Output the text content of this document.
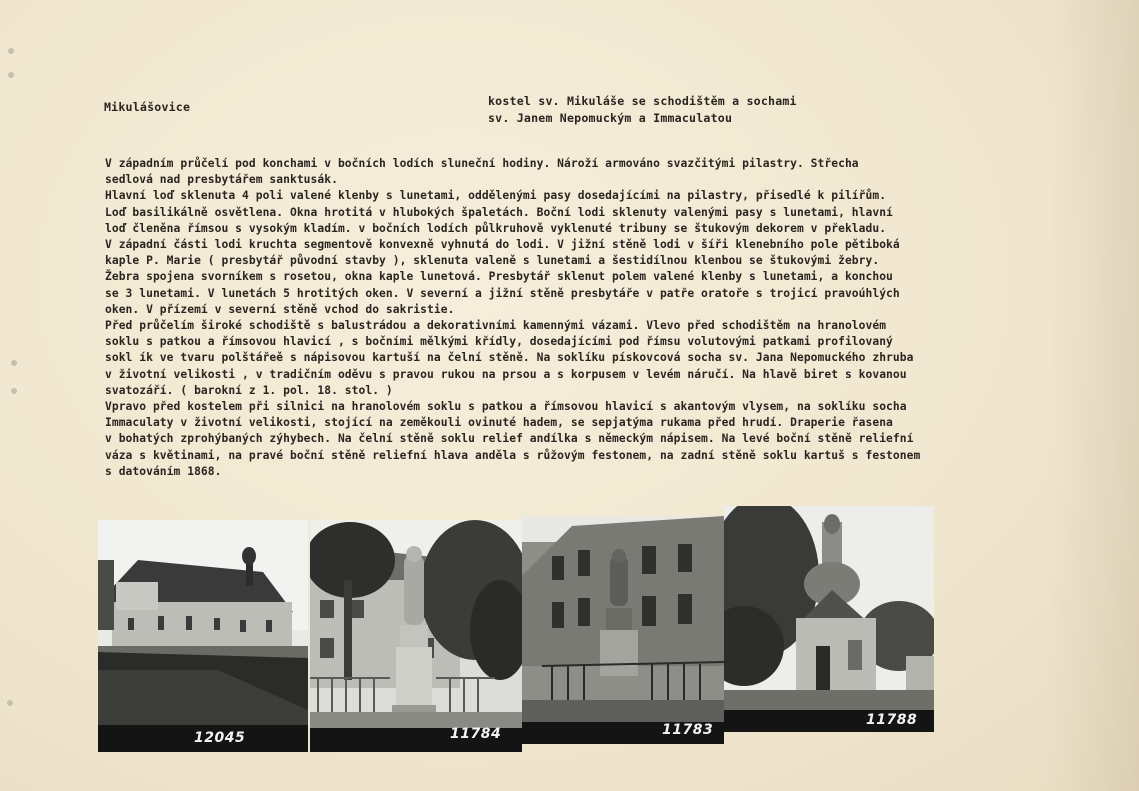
Mikulášovice	kostel sv. Mikuláše se schodištěm a sochami
sv. Janem Nepomuckým a Immaculatou
V západním průčelí pod konchami v bočních lodích sluneční hodiny. Nároží armováno svazčitými pilastry. Střecha
sedlová nad presbytářem sanktusák.
Hlavní loď sklenuta 4 poli valené klenby s lunetami, oddělenými pasy dosedajícími na pilastry, přisedlé k pilířům.
Loď basilikálně osvětlena. Okna hrotitá v hlubokých špaletách. Boční lodi sklenuty valenými pasy s lunetami, hlavní
loď členěna římsou s vysokým kladím. v bočních lodích půlkruhově vyklenuté tribuny se štukovým dekorem v překladu.
V západní části lodi kruchta segmentově konvexně vyhnutá do lodi. V jižní stěně lodi v šíři klenebního pole pětiboká
kaple P. Marie ( presbytář původní stavby ), sklenuta valeně s lunetami a šestidílnou klenbou se štukovými žebry.
Žebra spojena svorníkem s rosetou, okna kaple lunetová. Presbytář sklenut polem valené klenby s lunetami, a konchou
se 3 lunetami. V lunetách 5 hrotitých oken. V severní a jižní stěně presbytáře v patře oratoře s trojicí pravoúhlých
oken. V přízemí v severní stěně vchod do sakristie.
Před průčelím široké schodiště s balustrádou a dekorativními kamennými vázami. Vlevo před schodištěm na hranolovém
soklu s patkou a římsovou hlavicí , s bočními mělkými křídly, dosedajícími pod římsu volutovými patkami profilovaný
sokl ík ve tvaru polštářeě s nápisovou kartuší na čelní stěně. Na soklíku pískovcová socha sv. Jana Nepomuckého zhruba
v životní velikosti , v tradičním oděvu s pravou rukou na prsou a s korpusem v levém náručí. Na hlavě biret s kovanou
svatozáří. ( barokní z 1. pol. 18. stol. )
Vpravo před kostelem při silnici na hranolovém soklu s patkou a římsovou hlavicí s akantovým vlysem, na soklíku socha
Immaculaty v životní velikosti, stojící na zeměkouli ovinuté hadem, se sepjatýma rukama před hrudí. Draperie řasena
v bohatých zprohýbaných zýhybech. Na čelní stěně soklu relief andílka s německým nápisem. Na levé boční stěně reliefní
váza s květinami, na pravé boční stěně reliefní hlava anděla s růžovým festonem, na zadní stěně soklu kartuš s festonem
s datováním 1868.
12045	11784	11783
11788
